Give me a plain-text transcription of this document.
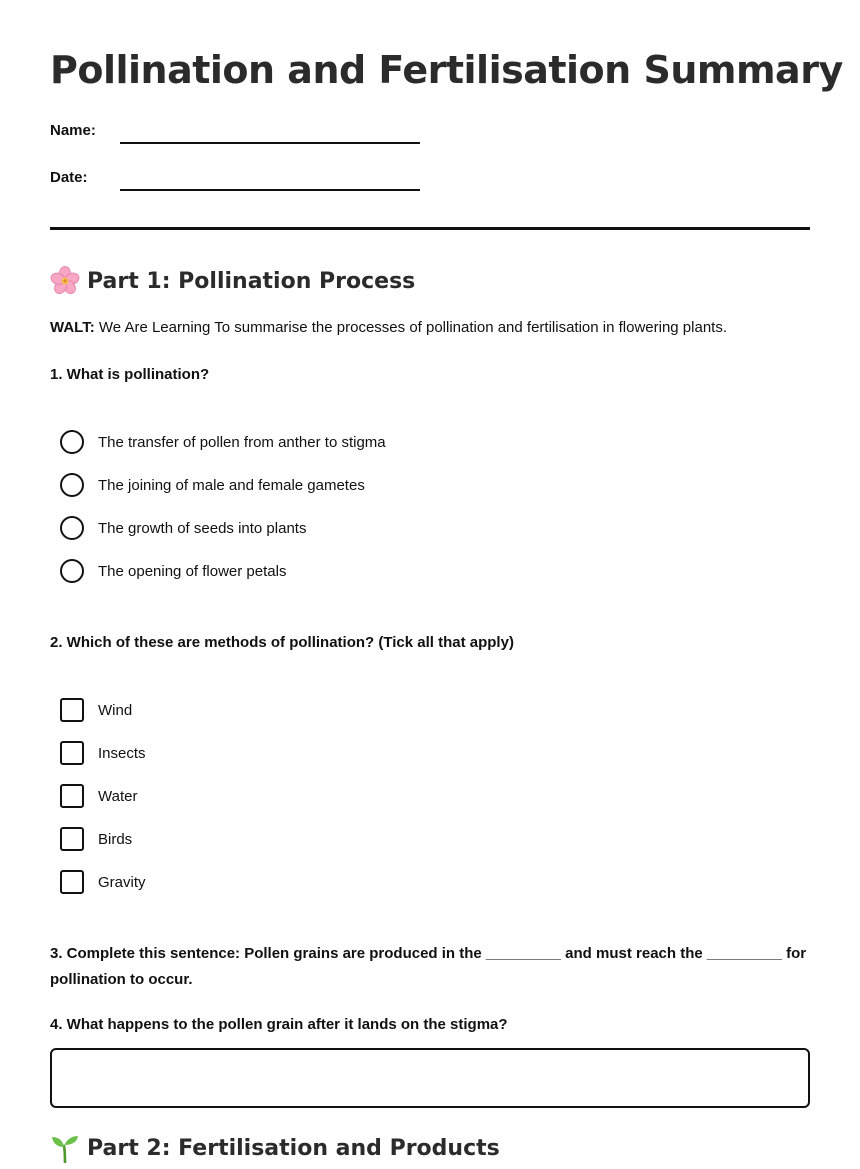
Pollination and Fertilisation Summary
Name:
Date:
Part 1: Pollination Process
WALT: We Are Learning To summarise the processes of pollination and fertilisation in flowering plants.
1. What is pollination?
The transfer of pollen from anther to stigma
The joining of male and female gametes
The growth of seeds into plants
The opening of flower petals
2. Which of these are methods of pollination? (Tick all that apply)
Wind
Insects
Water
Birds
Gravity
3. Complete this sentence: Pollen grains are produced in the _________ and must reach the _________ for pollination to occur.
4. What happens to the pollen grain after it lands on the stigma?
Part 2: Fertilisation and Products
